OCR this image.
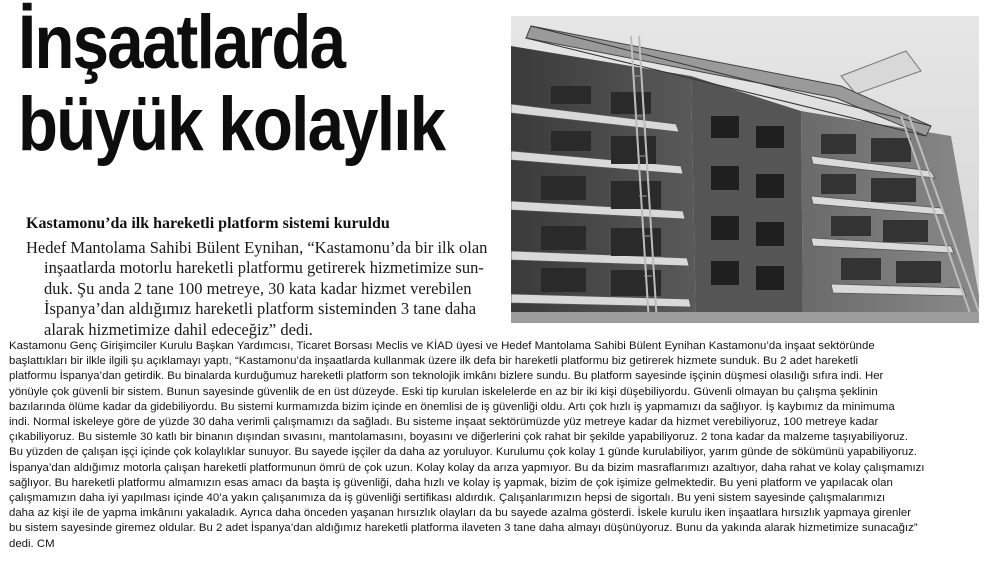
İnşaatlarda
büyük kolaylık
Kastamonu’da ilk hareketli platform sistemi kuruldu
Hedef Mantolama Sahibi Bülent Eynihan, “Kastamonu’da bir ilk olan
inşaatlarda motorlu hareketli platformu getirerek hizmetimize sun-
duk. Şu anda 2 tane 100 metreye, 30 kata kadar hizmet verebilen
İspanya’dan aldığımız hareketli platform sisteminden 3 tane daha
alarak hizmetimize dahil edeceğiz” dedi.
Kastamonu Genç Girişimciler Kurulu Başkan Yardımcısı, Ticaret Borsası Meclis ve KİAD üyesi ve Hedef Mantolama Sahibi Bülent Eynihan Kastamonu’da inşaat sektöründe
başlattıkları bir ilkle ilgili şu açıklamayı yaptı, “Kastamonu’da inşaatlarda kullanmak üzere ilk defa bir hareketli platformu biz getirerek hizmete sunduk. Bu 2 adet hareketli
platformu İspanya’dan getirdik. Bu binalarda kurduğumuz hareketli platform son teknolojik imkânı bizlere sundu. Bu platform sayesinde işçinin düşmesi olasılığı sıfıra indi. Her
yönüyle çok güvenli bir sistem. Bunun sayesinde güvenlik de en üst düzeyde. Eski tip kurulan iskelelerde en az bir iki kişi düşebiliyordu. Güvenli olmayan bu çalışma şeklinin
bazılarında ölüme kadar da gidebiliyordu. Bu sistemi kurmamızda bizim içinde en önemlisi de iş güvenliği oldu. Artı çok hızlı iş yapmamızı da sağlıyor. İş kaybımız da minimuma
indi. Normal iskeleye göre de yüzde 30 daha verimli çalışmamızı da sağladı. Bu sisteme inşaat sektörümüzde yüz metreye kadar da hizmet verebiliyoruz, 100 metreye kadar
çıkabiliyoruz. Bu sistemle 30 katlı bir binanın dışından sıvasını, mantolamasını, boyasını ve diğerlerini çok rahat bir şekilde yapabiliyoruz. 2 tona kadar da malzeme taşıyabiliyoruz.
Bu yüzden de çalışan işçi içinde çok kolaylıklar sunuyor. Bu sayede işçiler da daha az yoruluyor. Kurulumu çok kolay 1 günde kurulabiliyor, yarım günde de sökümünü yapabiliyoruz.
İspanya’dan aldığımız motorla çalışan hareketli platformunun ömrü de çok uzun. Kolay kolay da arıza yapmıyor. Bu da bizim masraflarımızı azaltıyor, daha rahat ve kolay çalışmamızı
sağlıyor. Bu hareketli platformu almamızın esas amacı da başta iş güvenliği, daha hızlı ve kolay iş yapmak, bizim de çok işimize gelmektedir. Bu yeni platform ve yapılacak olan
çalışmamızın daha iyi yapılması içinde 40’a yakın çalışanımıza da iş güvenliği sertifikası aldırdık. Çalışanlarımızın hepsi de sigortalı. Bu yeni sistem sayesinde çalışmalarımızı
daha az kişi ile de yapma imkânını yakaladık. Ayrıca daha önceden yaşanan hırsızlık olayları da bu sayede azalma gösterdi. İskele kurulu iken inşaatlara hırsızlık yapmaya girenler
bu sistem sayesinde giremez oldular. Bu 2 adet İspanya’dan aldığımız hareketli platforma ilaveten 3 tane daha almayı düşünüyoruz. Bunu da yakında alarak hizmetimize sunacağız”
dedi. CM
